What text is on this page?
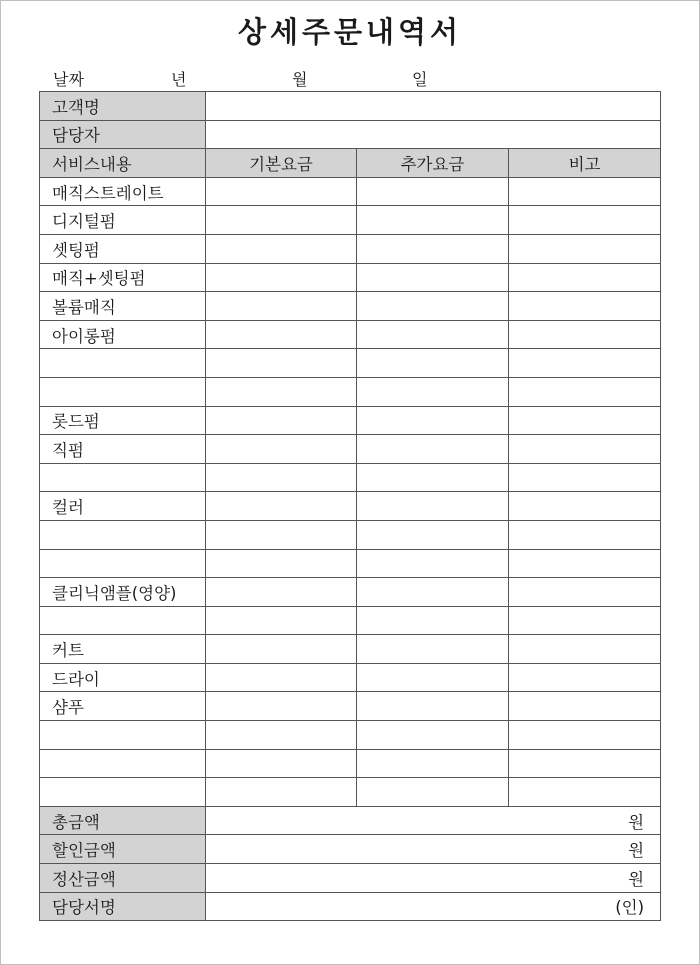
상세주문내역서
날짜	년	월	일
고객명			
담당자			
서비스내용	기본요금	추가요금	비고
매직스트레이트			
디지털펌			
셋팅펌			
매직+셋팅펌			
볼륨매직			
아이롱펌			

롯드펌			
직펌			

컬러			

클리닉앰플(영양)			

커트			
드라이			
샴푸			

총금액	원		
할인금액	원		
정산금액	원		
담당서명	(인)		
